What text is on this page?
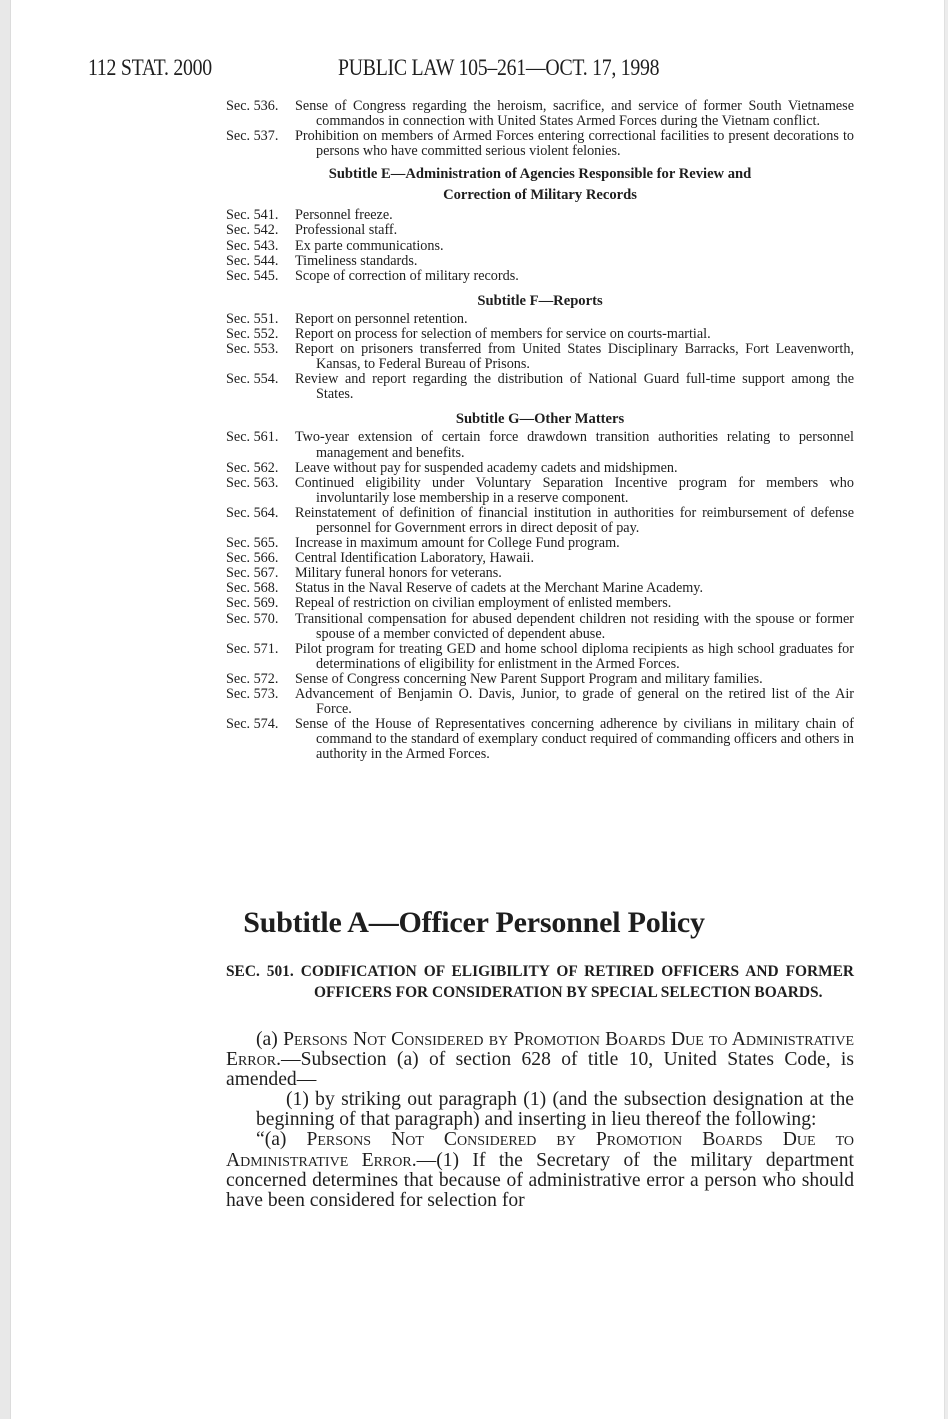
112 STAT. 2000	PUBLIC LAW 105–261—OCT. 17, 1998
Sec. 536. Sense of Congress regarding the heroism, sacrifice, and service of former South Vietnamese commandos in connection with United States Armed Forces during the Vietnam conflict.
Sec. 537. Prohibition on members of Armed Forces entering correctional facilities to present decorations to persons who have committed serious violent felonies.
Subtitle E—Administration of Agencies Responsible for Review and
Correction of Military Records
Sec. 541. Personnel freeze.
Sec. 542. Professional staff.
Sec. 543. Ex parte communications.
Sec. 544. Timeliness standards.
Sec. 545. Scope of correction of military records.
Subtitle F—Reports
Sec. 551. Report on personnel retention.
Sec. 552. Report on process for selection of members for service on courts-martial.
Sec. 553. Report on prisoners transferred from United States Disciplinary Barracks, Fort Leavenworth, Kansas, to Federal Bureau of Prisons.
Sec. 554. Review and report regarding the distribution of National Guard full-time support among the States.
Subtitle G—Other Matters
Sec. 561. Two-year extension of certain force drawdown transition authorities relating to personnel management and benefits.
Sec. 562. Leave without pay for suspended academy cadets and midshipmen.
Sec. 563. Continued eligibility under Voluntary Separation Incentive program for members who involuntarily lose membership in a reserve component.
Sec. 564. Reinstatement of definition of financial institution in authorities for reimbursement of defense personnel for Government errors in direct deposit of pay.
Sec. 565. Increase in maximum amount for College Fund program.
Sec. 566. Central Identification Laboratory, Hawaii.
Sec. 567. Military funeral honors for veterans.
Sec. 568. Status in the Naval Reserve of cadets at the Merchant Marine Academy.
Sec. 569. Repeal of restriction on civilian employment of enlisted members.
Sec. 570. Transitional compensation for abused dependent children not residing with the spouse or former spouse of a member convicted of dependent abuse.
Sec. 571. Pilot program for treating GED and home school diploma recipients as high school graduates for determinations of eligibility for enlistment in the Armed Forces.
Sec. 572. Sense of Congress concerning New Parent Support Program and military families.
Sec. 573. Advancement of Benjamin O. Davis, Junior, to grade of general on the retired list of the Air Force.
Sec. 574. Sense of the House of Representatives concerning adherence by civilians in military chain of command to the standard of exemplary conduct required of commanding officers and others in authority in the Armed Forces.
Subtitle A—Officer Personnel Policy
SEC. 501. CODIFICATION OF ELIGIBILITY OF RETIRED OFFICERS AND FORMER OFFICERS FOR CONSIDERATION BY SPECIAL SELECTION BOARDS.
(a) Persons Not Considered by Promotion Boards Due to Administrative Error.—Subsection (a) of section 628 of title 10, United States Code, is amended—
(1) by striking out paragraph (1) (and the subsection designation at the beginning of that paragraph) and inserting in lieu thereof the following:
“(a) Persons Not Considered by Promotion Boards Due to Administrative Error.—(1) If the Secretary of the military department concerned determines that because of administrative error a person who should have been considered for selection for
